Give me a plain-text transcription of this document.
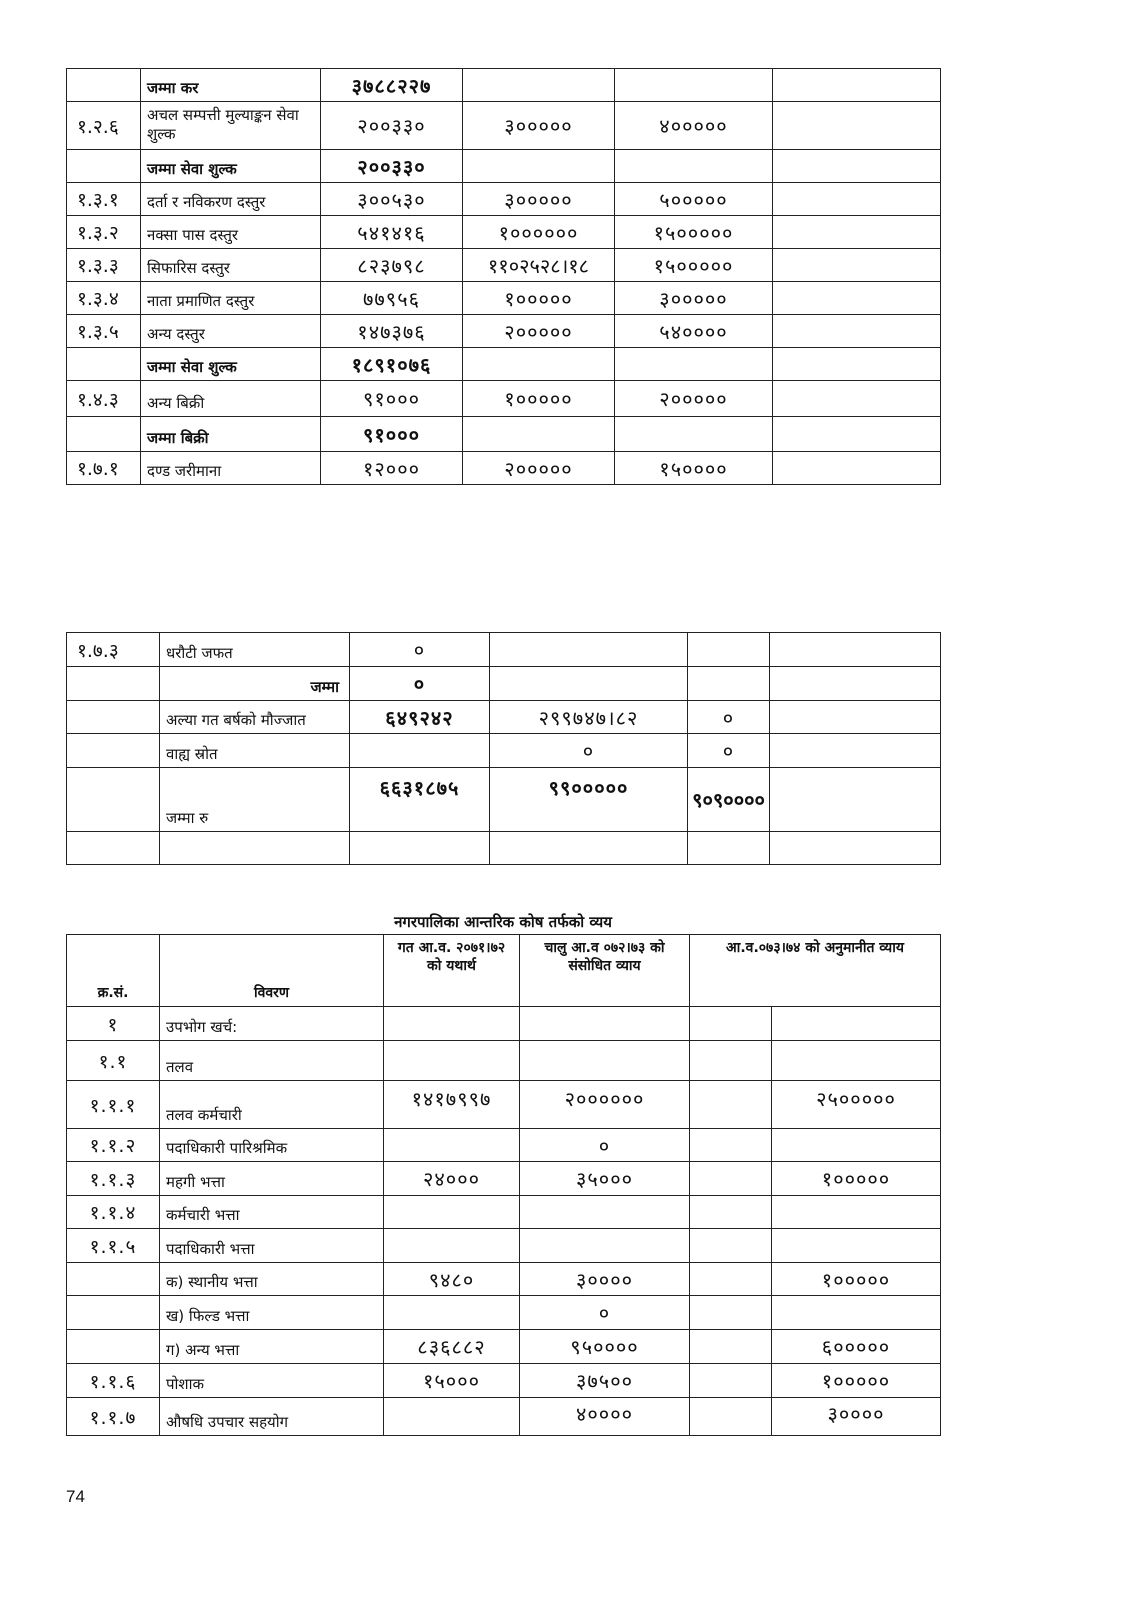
	जम्मा कर	३७८८२२७			
१.२.६	अचल सम्पत्ती मुल्याङ्कन सेवा शुल्क	२००३३०	३०००००	४०००००	
	जम्मा सेवा शुल्क	२००३३०			
१.३.१	दर्ता र नविकरण दस्तुर	३००५३०	३०००००	५०००००	
१.३.२	नक्सा पास दस्तुर	५४१४१६	१००००००	१५०००००	
१.३.३	सिफारिस दस्तुर	८२३७९८	११०२५२८।१८	१५०००००	
१.३.४	नाता प्रमाणित दस्तुर	७७९५६	१०००००	३०००००	
१.३.५	अन्य दस्तुर	१४७३७६	२०००००	५४००००	
	जम्मा सेवा शुल्क	१८९१०७६			
१.४.३	अन्य बिक्री	९१०००	१०००००	२०००००	
	जम्मा बिक्री	९१०००			
१.७.१	दण्ड जरीमाना	१२०००	२०००००	१५००००	
१.७.३	धरौटी जफत	०			
	जम्मा	०			
	अल्या गत बर्षको मौज्जात	६४९२४२	२९९७४७।८२	०	
	वाह्य स्रोत		०	०	
	जम्मा रु	६६३१८७५	९९०००००	९०९००००	

नगरपालिका आन्तरिक कोष तर्फको व्यय
क्र.सं.	विवरण	गत आ.व. २०७१।७२ को यथार्थ	चालु आ.व ०७२।७३ को संसोधित व्याय	आ.व.०७३।७४ को अनुमानीत व्याय	
१	उपभोग खर्च:				
१.१	तलव				
१.१.१	तलव कर्मचारी	१४१७९९७	२००००००		२५०००००
१.१.२	पदाधिकारी पारिश्रमिक		०		
१.१.३	महगी भत्ता	२४०००	३५०००		१०००००
१.१.४	कर्मचारी भत्ता				
१.१.५	पदाधिकारी भत्ता				
	क) स्थानीय भत्ता	९४८०	३००००		१०००००
	ख) फिल्ड भत्ता		०		
	ग) अन्य भत्ता	८३६८८२	९५००००		६०००००
१.१.६	पोशाक	१५०००	३७५००		१०००००
१.१.७	औषधि उपचार सहयोग		४००००		३००००
74
